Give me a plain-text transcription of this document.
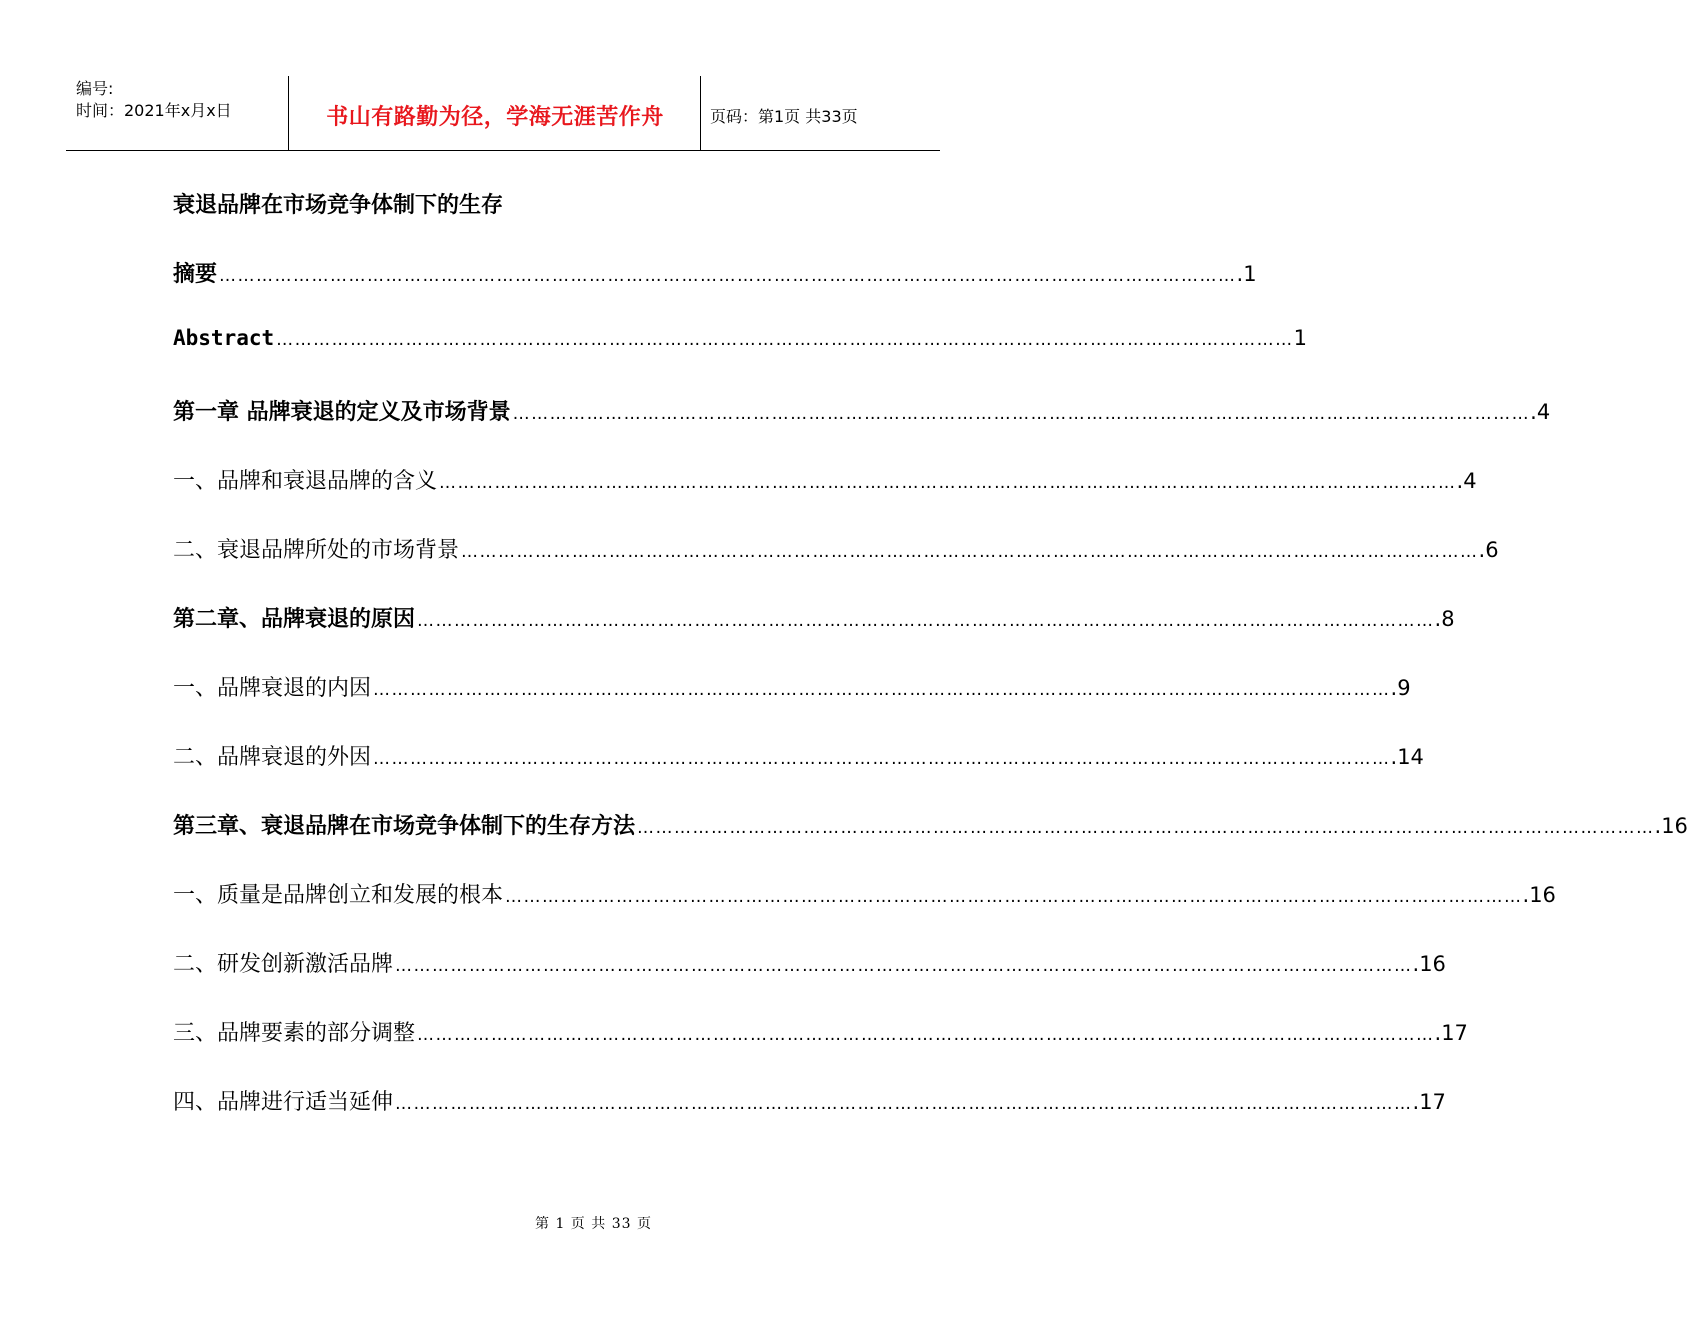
编号:
时间：2021年x月x日	书山有路勤为径，学海无涯苦作舟	页码：第1页 共33页
衰退品牌在市场竞争体制下的生存
摘要 ………………………………………………………………………………………………………………………………………………… .1
Abstract ………………………………………………………………………………………………………………………………………………… 1
第一章 品牌衰退的定义及市场背景 ………………………………………………………………………………………………………………………………………………… .4
一、品牌和衰退品牌的含义 ………………………………………………………………………………………………………………………………………………… .4
二、衰退品牌所处的市场背景 ………………………………………………………………………………………………………………………………………………… .6
第二章、品牌衰退的原因 ………………………………………………………………………………………………………………………………………………… .8
一、品牌衰退的内因 ………………………………………………………………………………………………………………………………………………… .9
二、品牌衰退的外因 ………………………………………………………………………………………………………………………………………………… .14
第三章、衰退品牌在市场竞争体制下的生存方法 ………………………………………………………………………………………………………………………………………………… .16
一、质量是品牌创立和发展的根本 ………………………………………………………………………………………………………………………………………………… .16
二、研发创新激活品牌 ………………………………………………………………………………………………………………………………………………… .16
三、品牌要素的部分调整 ………………………………………………………………………………………………………………………………………………… .17
四、品牌进行适当延伸 ………………………………………………………………………………………………………………………………………………… .17
第 1 页 共 33 页
